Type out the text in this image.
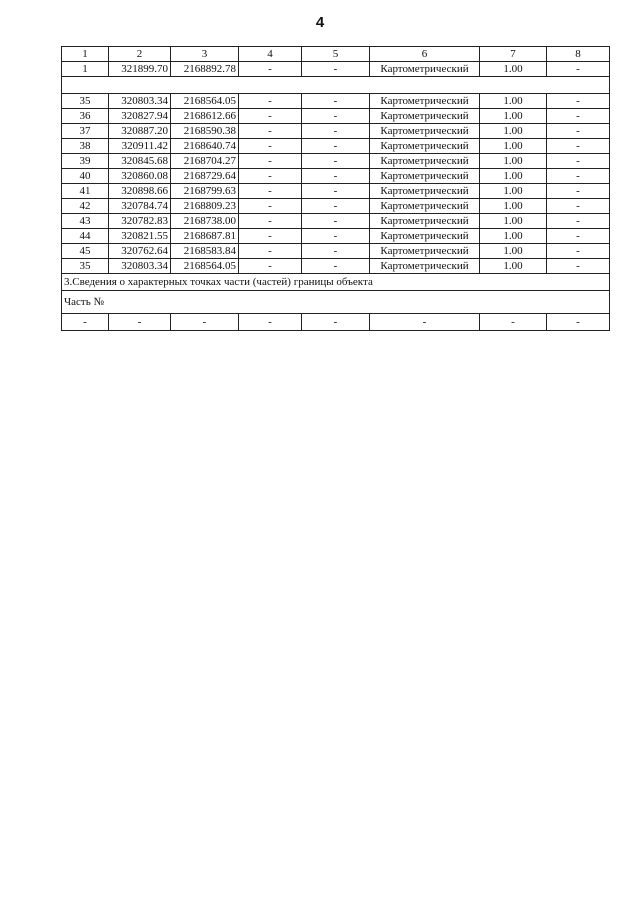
4
1	2	3	4	5	6	7	8
1	321899.70	2168892.78	-	-	Картометрический	1.00	-

35	320803.34	2168564.05	-	-	Картометрический	1.00	-
36	320827.94	2168612.66	-	-	Картометрический	1.00	-
37	320887.20	2168590.38	-	-	Картометрический	1.00	-
38	320911.42	2168640.74	-	-	Картометрический	1.00	-
39	320845.68	2168704.27	-	-	Картометрический	1.00	-
40	320860.08	2168729.64	-	-	Картометрический	1.00	-
41	320898.66	2168799.63	-	-	Картометрический	1.00	-
42	320784.74	2168809.23	-	-	Картометрический	1.00	-
43	320782.83	2168738.00	-	-	Картометрический	1.00	-
44	320821.55	2168687.81	-	-	Картометрический	1.00	-
45	320762.64	2168583.84	-	-	Картометрический	1.00	-
35	320803.34	2168564.05	-	-	Картометрический	1.00	-
3.Сведения о характерных точках части (частей) границы объекта							
Часть №							
-	-	-	-	-	-	-	-
